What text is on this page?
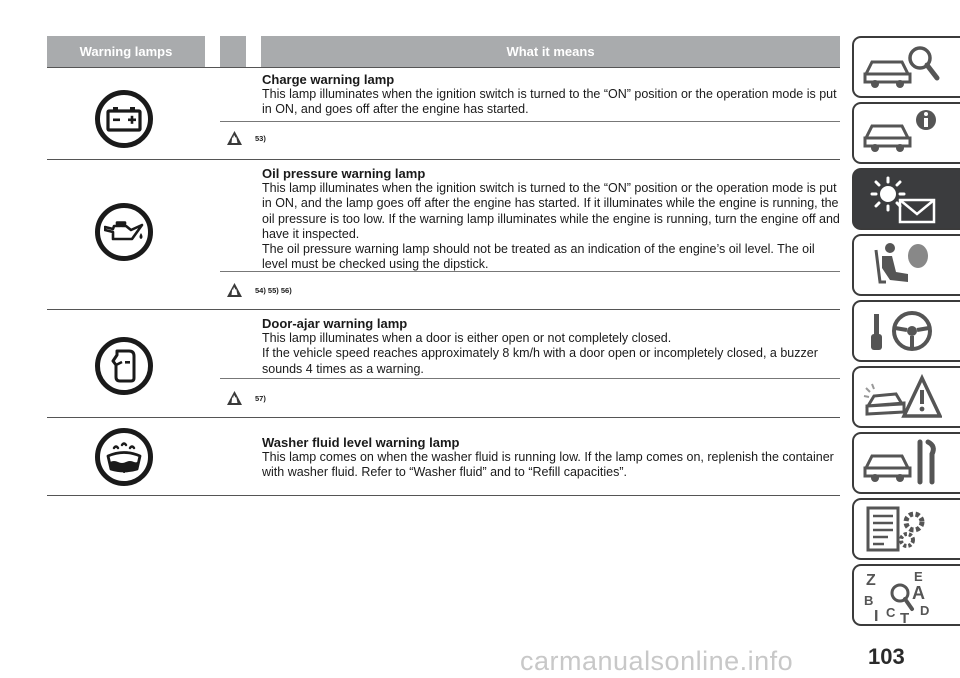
Warning lamps	What it means

Charge warning lamp

This lamp illuminates when the ignition switch is turned to the “ON” position or the operation mode is put in ON, and goes off after the engine has started.

53)

Oil pressure warning lamp

This lamp illuminates when the ignition switch is turned to the “ON” position or the operation mode is put in ON, and the lamp goes off after the engine has started. If it illuminates while the engine is running, the oil pressure is too low. If the warning lamp illuminates while the engine is running, turn the engine off and have it inspected.

The oil pressure warning lamp should not be treated as an indication of the engine’s oil level. The oil level must be checked using the dipstick.

54) 55) 56)

Door-ajar warning lamp

This lamp illuminates when a door is either open or not completely closed.

If the vehicle speed reaches approximately 8 km/h with a door open or incompletely closed, a buzzer sounds 4 times as a warning.

57)

Washer fluid level warning lamp

This lamp comes on when the washer fluid is running low. If the lamp comes on, replenish the container with washer fluid. Refer to “Washer fluid” and to “Refill capacities”.

Z	E
A
B
C D
I T
carmanualsonline.info	103
